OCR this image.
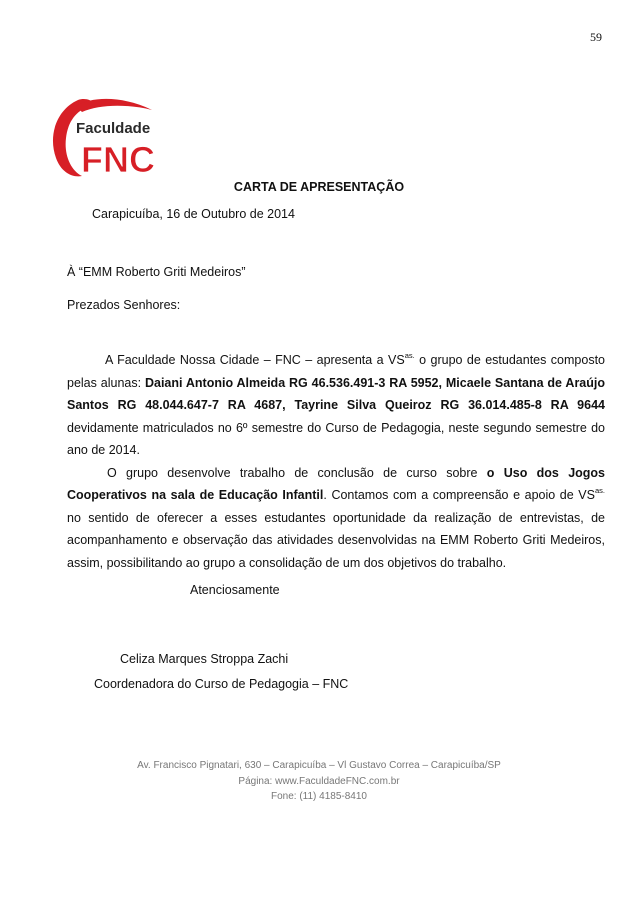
59
Faculdade
FNC
CARTA DE APRESENTAÇÃO
Carapicuíba, 16 de Outubro de 2014
À “EMM Roberto Griti Medeiros”
Prezados Senhores:

A Faculdade Nossa Cidade – FNC – apresenta a $VS^{as.}$ o grupo de estudantes composto pelas alunas: Daiani Antonio Almeida RG 46.536.491-3 RA 5952, Micaele Santana de Araújo Santos RG 48.044.647-7 RA 4687, Tayrine Silva Queiroz RG 36.014.485-8 RA 9644 devidamente matriculados no 6º semestre do Curso de Pedagogia, neste segundo semestre do ano de 2014.

O grupo desenvolve trabalho de conclusão de curso sobre o Uso dos Jogos Cooperativos na sala de Educação Infantil. Contamos com a compreensão e apoio de $VS^{as.}$ no sentido de oferecer a esses estudantes oportunidade da realização de entrevistas, de acompanhamento e observação das atividades desenvolvidas na EMM Roberto Griti Medeiros, assim, possibilitando ao grupo a consolidação de um dos objetivos do trabalho.

Atenciosamente
Celiza Marques Stroppa Zachi
Coordenadora do Curso de Pedagogia – FNC
Av. Francisco Pignatari, 630 – Carapicuíba – Vl Gustavo Correa – Carapicuíba/SP
Página: www.FaculdadeFNC.com.br
Fone: (11) 4185-8410
